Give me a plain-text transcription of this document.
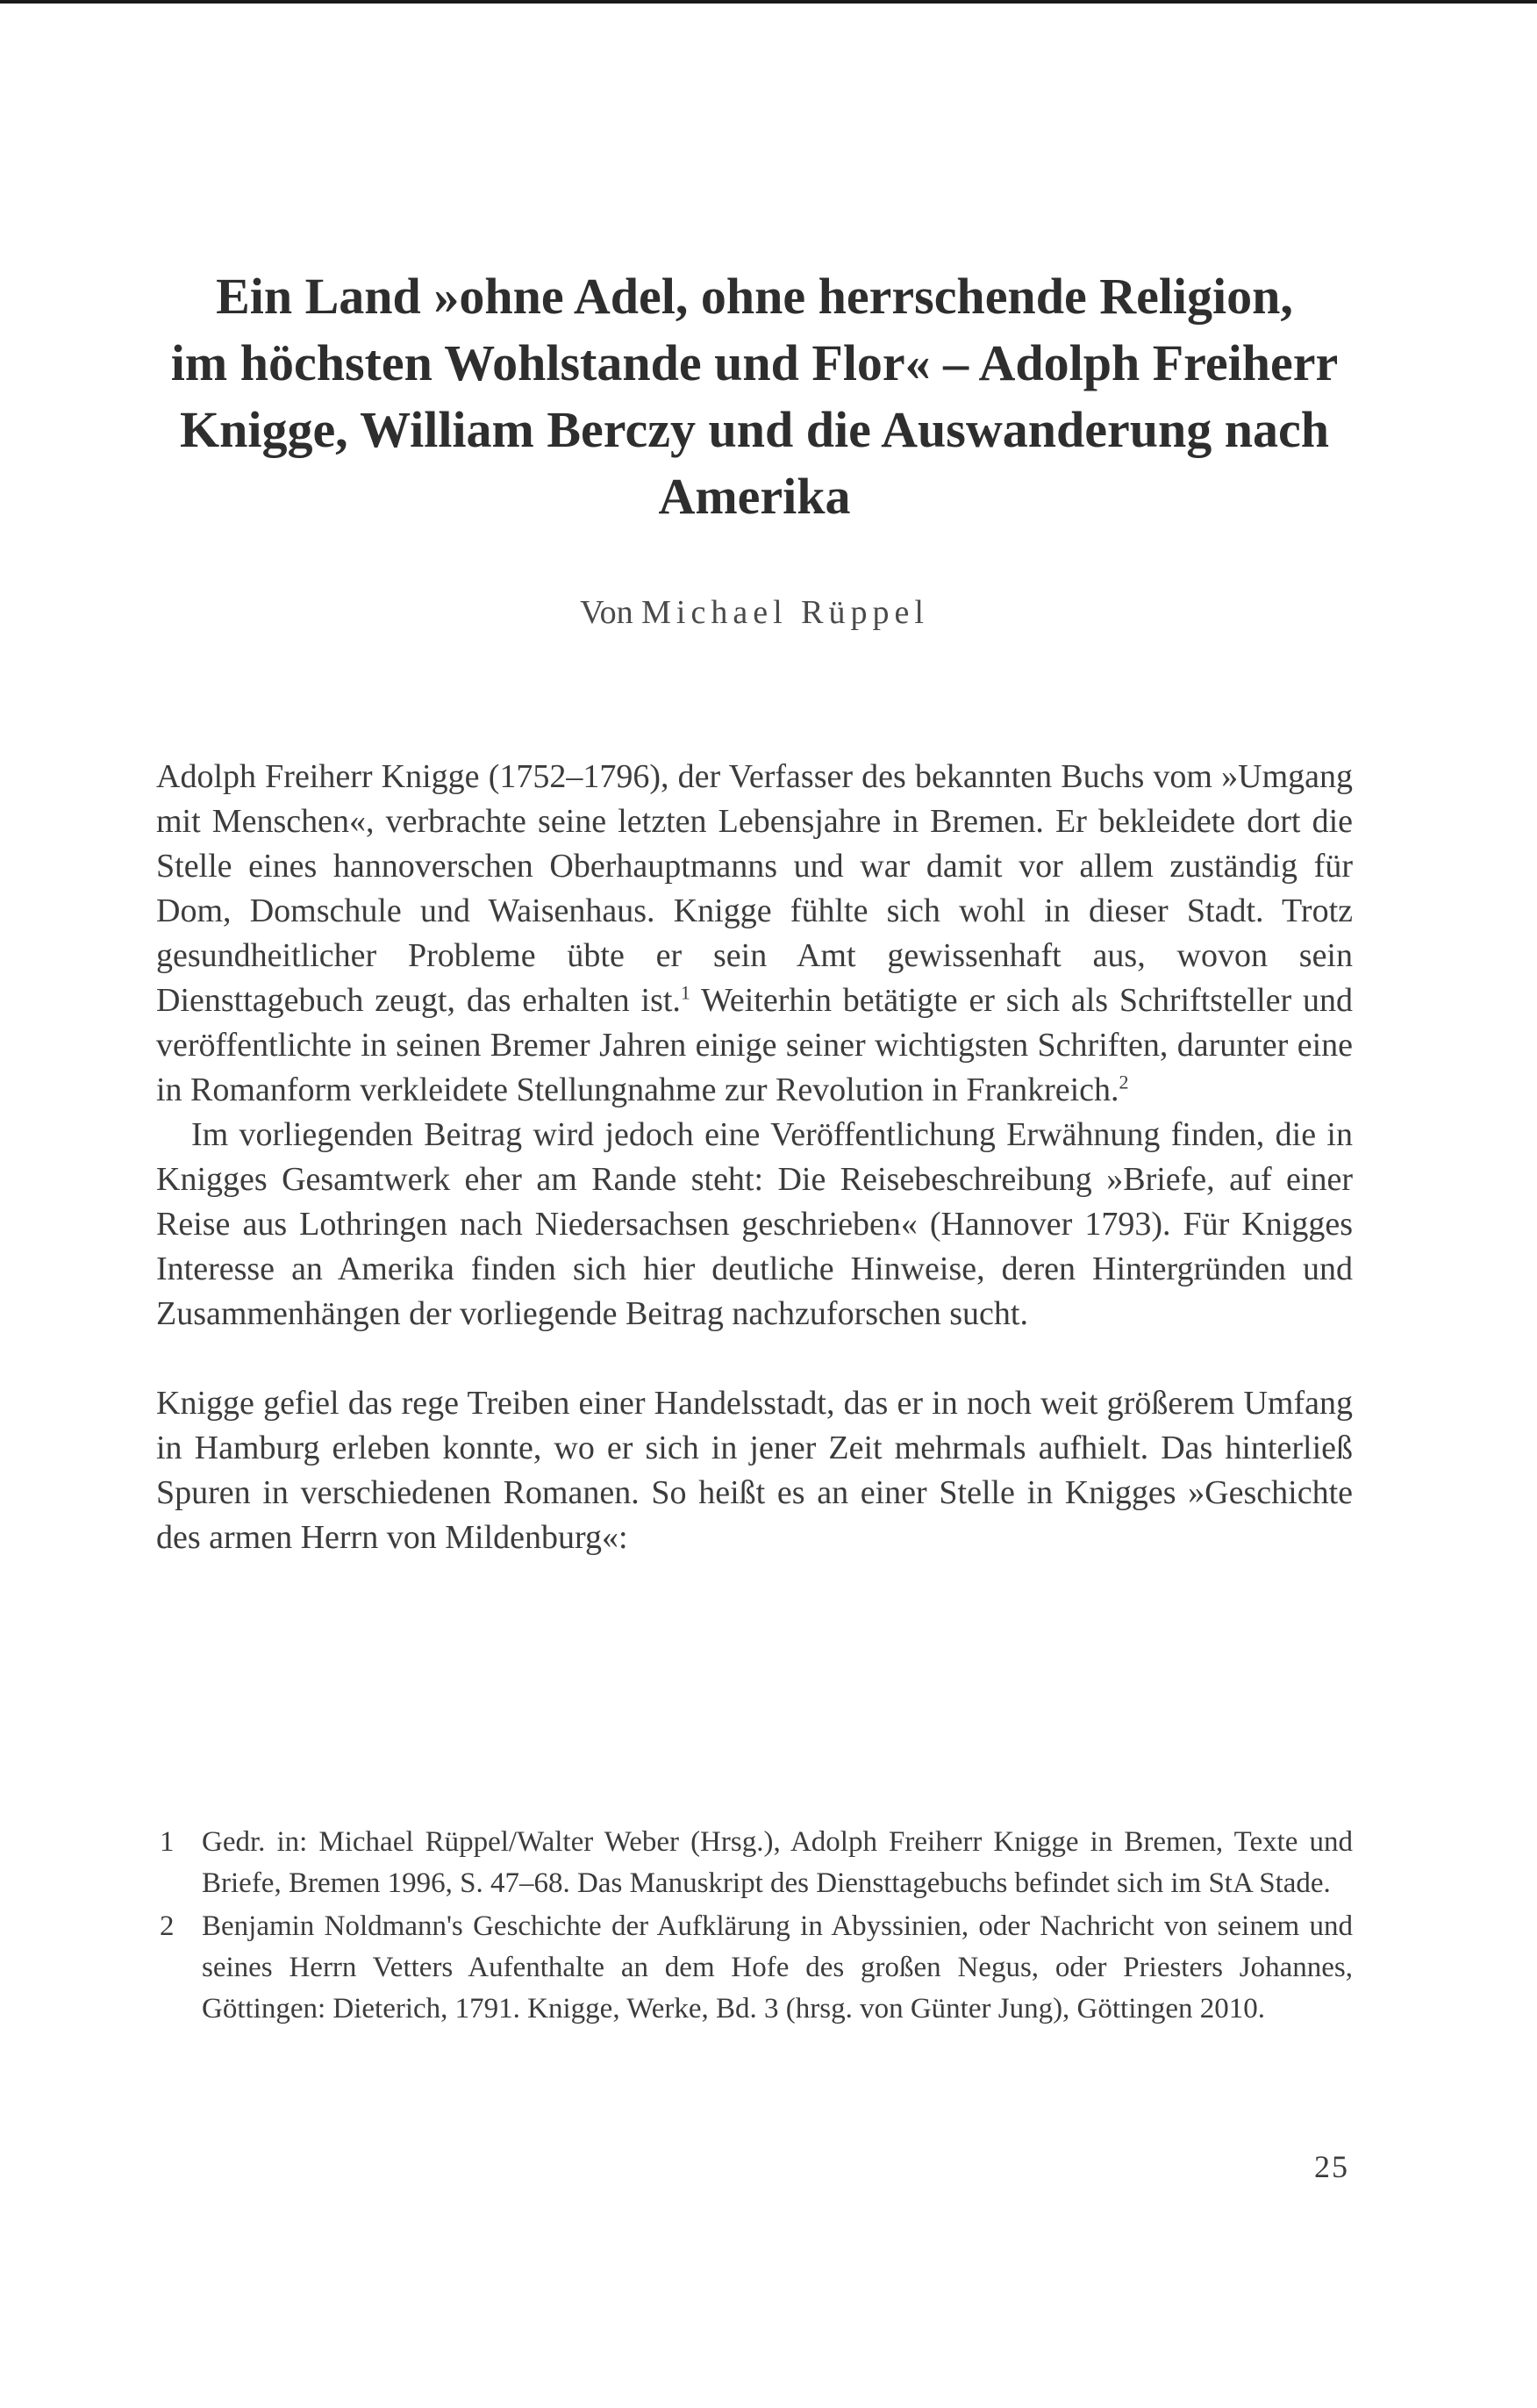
Ein Land »ohne Adel, ohne herrschende Religion,
im höchsten Wohlstande und Flor« – Adolph Freiherr
Knigge, William Berczy und die Auswanderung nach
Amerika
Von Michael Rüppel

Adolph Freiherr Knigge (1752–1796), der Verfasser des bekannten Buchs vom »Umgang mit Menschen«, verbrachte seine letzten Lebensjahre in Bremen. Er bekleidete dort die Stelle eines hannoverschen Oberhauptmanns und war damit vor allem zuständig für Dom, Domschule und Waisenhaus. Knigge fühlte sich wohl in dieser Stadt. Trotz gesundheitlicher Probleme übte er sein Amt gewissenhaft aus, wovon sein Diensttagebuch zeugt, das erhalten ist.$^1$ Weiterhin betätigte er sich als Schriftsteller und veröffentlichte in seinen Bremer Jahren einige seiner wichtigsten Schriften, darunter eine in Romanform verkleidete Stellungnahme zur Revolution in Frankreich.$^2$

Im vorliegenden Beitrag wird jedoch eine Veröffentlichung Erwähnung finden, die in Knigges Gesamtwerk eher am Rande steht: Die Reisebeschreibung »Briefe, auf einer Reise aus Lothringen nach Niedersachsen geschrieben« (Hannover 1793). Für Knigges Interesse an Amerika finden sich hier deutliche Hinweise, deren Hintergründen und Zusammenhängen der vorliegende Beitrag nachzuforschen sucht.

Knigge gefiel das rege Treiben einer Handelsstadt, das er in noch weit größerem Umfang in Hamburg erleben konnte, wo er sich in jener Zeit mehrmals aufhielt. Das hinterließ Spuren in verschiedenen Romanen. So heißt es an einer Stelle in Knigges »Geschichte des armen Herrn von Mildenburg«:

1 Gedr. in: Michael Rüppel/Walter Weber (Hrsg.), Adolph Freiherr Knigge in Bremen, Texte und Briefe, Bremen 1996, S. 47–68. Das Manuskript des Diensttagebuchs befindet sich im StA Stade.
2 Benjamin Noldmann's Geschichte der Aufklärung in Abyssinien, oder Nachricht von seinem und seines Herrn Vetters Aufenthalte an dem Hofe des großen Negus, oder Priesters Johannes, Göttingen: Dieterich, 1791. Knigge, Werke, Bd. 3 (hrsg. von Günter Jung), Göttingen 2010.
25
